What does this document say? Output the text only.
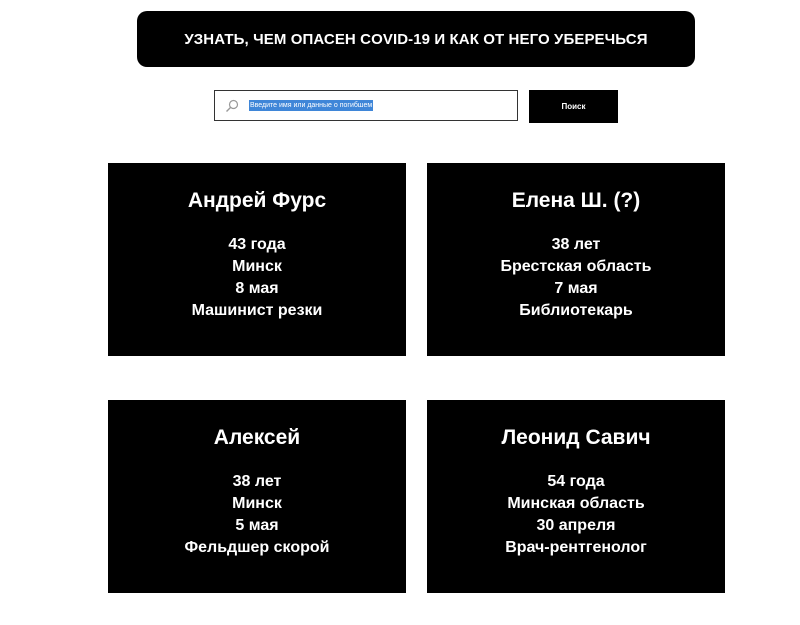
УЗНАТЬ, ЧЕМ ОПАСЕН COVID-19 И КАК ОТ НЕГО УБЕРЕЧЬСЯ
Введите имя или данные о погибшем	Поиск
Андрей Фурс
43 года
Минск
8 мая
Машинист резки
Елена Ш. (?)
38 лет
Брестская область
7 мая
Библиотекарь
Алексей
38 лет
Минск
5 мая
Фельдшер скорой
Леонид Савич
54 года
Минская область
30 апреля
Врач-рентгенолог
